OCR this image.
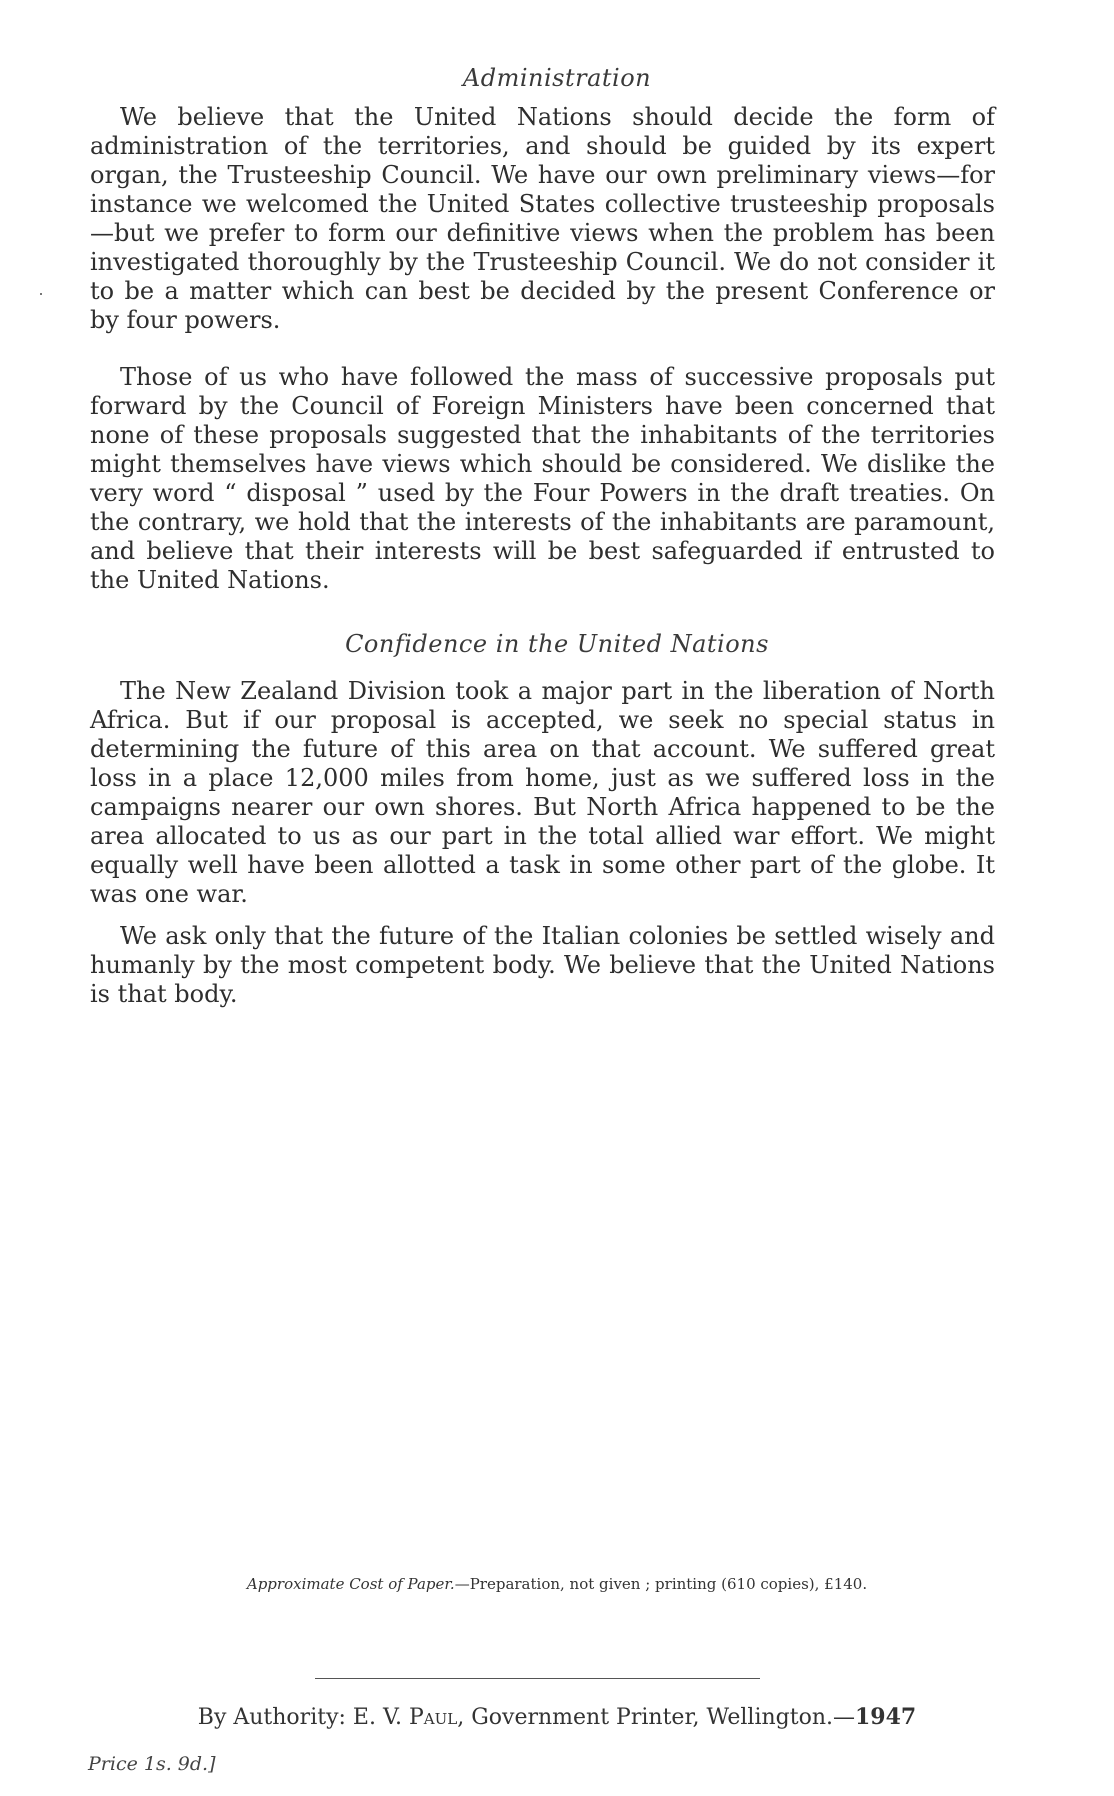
Administration

We believe that the United Nations should decide the form of administration of the territories, and should be guided by its expert organ, the Trusteeship Council. We have our own preliminary views—for instance we welcomed the United States collective trusteeship proposals—but we prefer to form our definitive views when the problem has been investigated thoroughly by the Trusteeship Council. We do not consider it to be a matter which can best be decided by the present Conference or by four powers.

Those of us who have followed the mass of successive proposals put forward by the Council of Foreign Ministers have been concerned that none of these proposals suggested that the inhabitants of the territories might themselves have views which should be considered. We dislike the very word “ disposal ” used by the Four Powers in the draft treaties. On the contrary, we hold that the interests of the inhabitants are paramount, and believe that their interests will be best safeguarded if entrusted to the United Nations.

Confidence in the United Nations

The New Zealand Division took a major part in the liberation of North Africa. But if our proposal is accepted, we seek no special status in determining the future of this area on that account. We suffered great loss in a place 12,000 miles from home, just as we suffered loss in the campaigns nearer our own shores. But North Africa happened to be the area allocated to us as our part in the total allied war effort. We might equally well have been allotted a task in some other part of the globe. It was one war.

We ask only that the future of the Italian colonies be settled wisely and humanly by the most competent body. We believe that the United Nations is that body.

Approximate Cost of Paper.—Preparation, not given ; printing (610 copies), £140.
By Authority: E. V. Paul, Government Printer, Wellington.—1947
Price 1s. 9d.]
